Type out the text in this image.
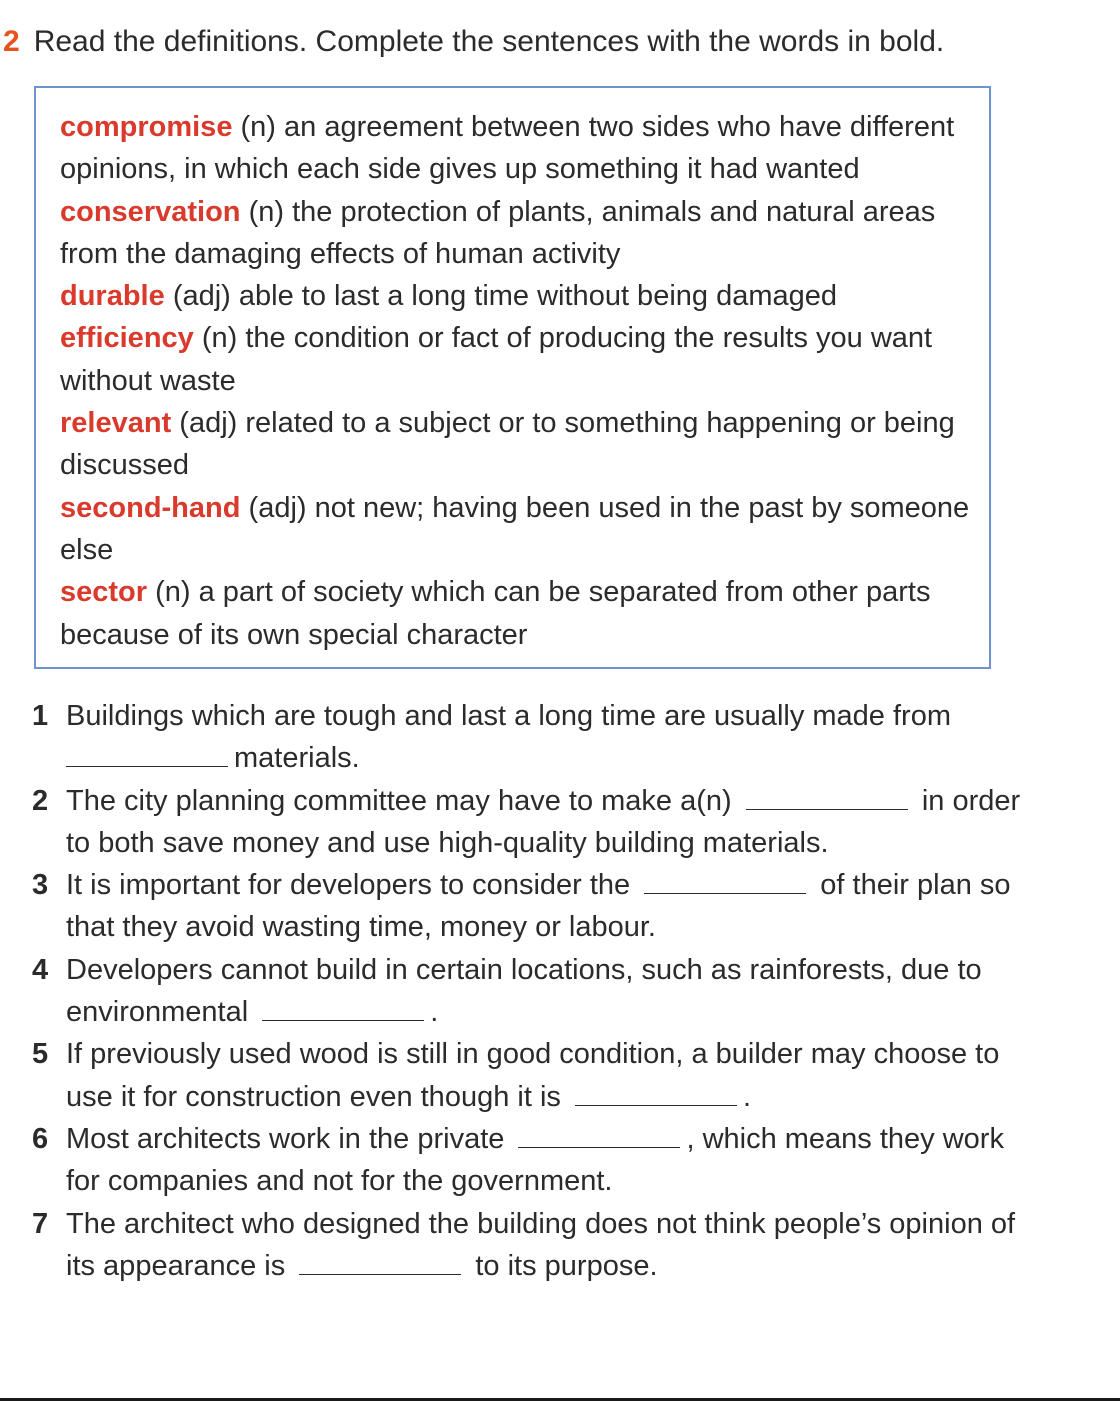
2 Read the definitions. Complete the sentences with the words in bold.

compromise (n) an agreement between two sides who have different opinions, in which each side gives up something it had wanted

conservation (n) the protection of plants, animals and natural areas from the damaging effects of human activity

durable (adj) able to last a long time without being damaged

efficiency (n) the condition or fact of producing the results you want without waste

relevant (adj) related to a subject or to something happening or being discussed

second-hand (adj) not new; having been used in the past by someone else

sector (n) a part of society which can be separated from other parts because of its own special character

1 Buildings which are tough and last a long time are usually made from materials.
2 The city planning committee may have to make a(n)	in order to both save money and use high-quality building materials.
3 It is important for developers to consider the	of their plan so that they avoid wasting time, money or labour.
4 Developers cannot build in certain locations, such as rainforests, due to environmental	.
5 If previously used wood is still in good condition, a builder may choose to use it for construction even though it is	.
6 Most architects work in the private	, which means they work for companies and not for the government.
7 The architect who designed the building does not think people’s opinion of its appearance is	to its purpose.
